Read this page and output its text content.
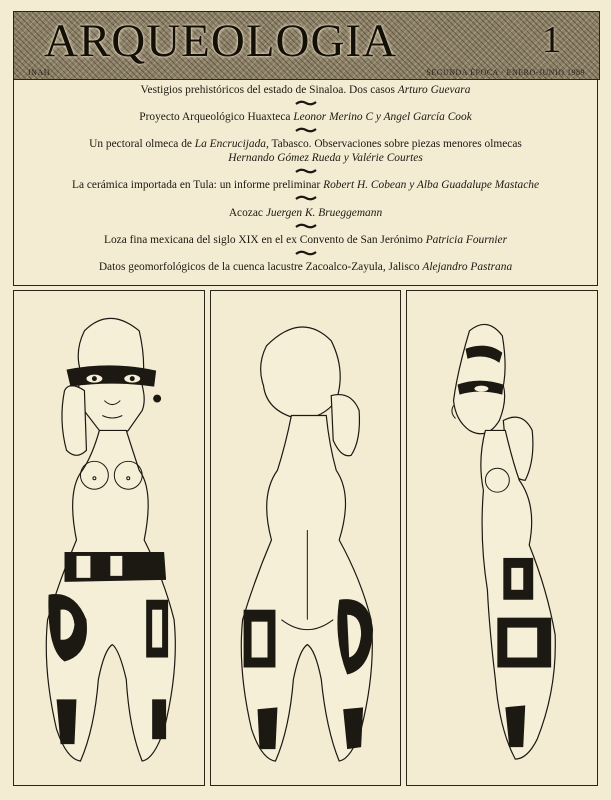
ARQUEOLOGIA	1
INAH	SEGUNDA ÉPOCA · ENERO-JUNIO 1989
Vestigios prehistóricos del estado de Sinaloa. Dos casos Arturo Guevara
Proyecto Arqueológico Huaxteca Leonor Merino C y Angel García Cook
Un pectoral olmeca de La Encrucijada, Tabasco. Observaciones sobre piezas menores olmecas
Hernando Gómez Rueda y Valérie Courtes
La cerámica importada en Tula: un informe preliminar Robert H. Cobean y Alba Guadalupe Mastache
Acozac Juergen K. Brueggemann
Loza fina mexicana del siglo XIX en el ex Convento de San Jerónimo Patricia Fournier
Datos geomorfológicos de la cuenca lacustre Zacoalco-Zayula, Jalisco Alejandro Pastrana
